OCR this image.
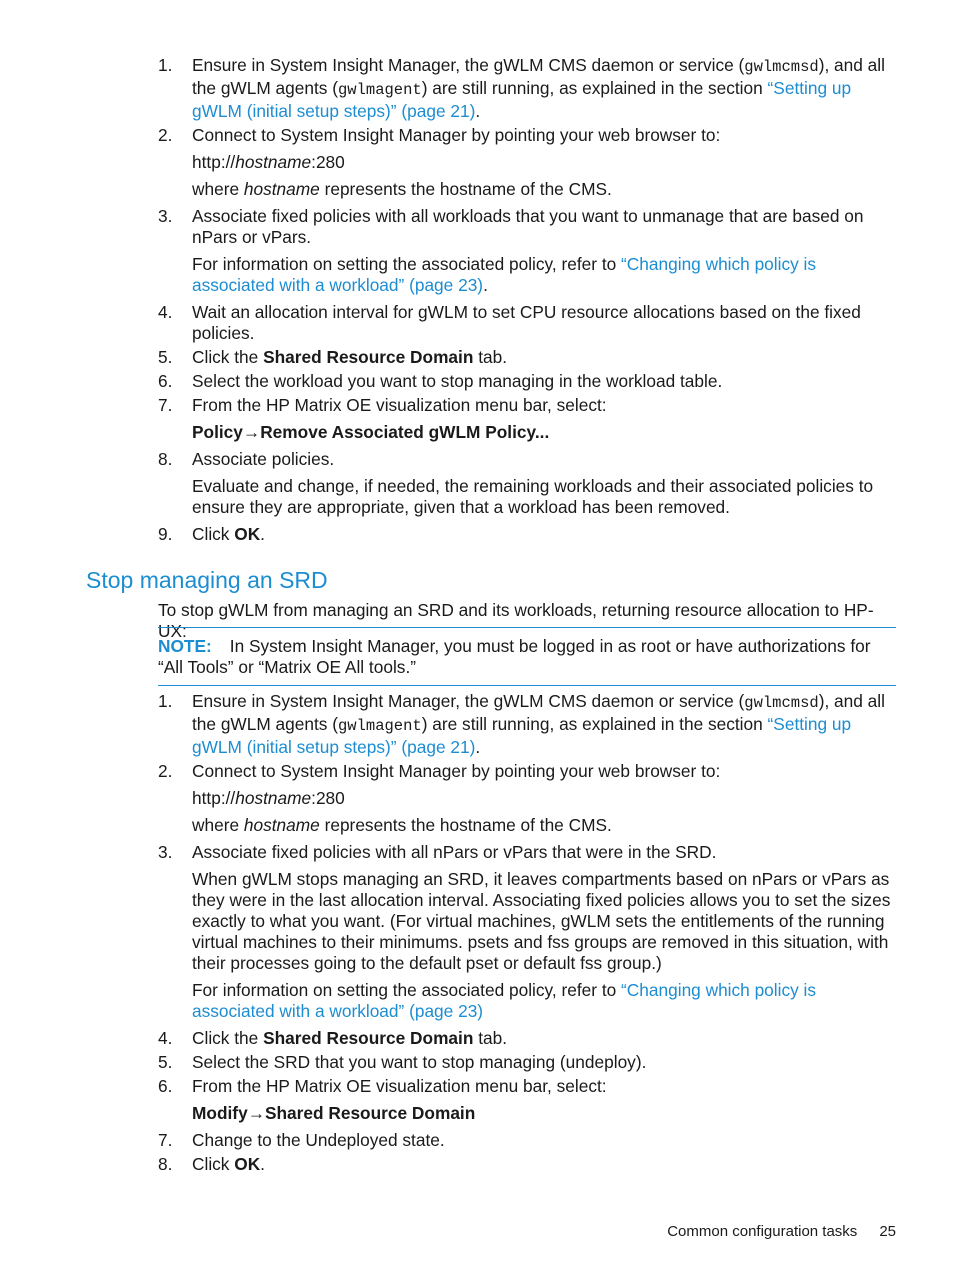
1.	Ensure in System Insight Manager, the gWLM CMS daemon or service (gwlmcmsd), and all the gWLM agents (gwlmagent) are still running, as explained in the section “Setting up gWLM (initial setup steps)” (page 21).
2.	Connect to System Insight Manager by pointing your web browser to:
http://hostname:280
where hostname represents the hostname of the CMS.
3.	Associate fixed policies with all workloads that you want to unmanage that are based on nPars or vPars.
For information on setting the associated policy, refer to “Changing which policy is associated with a workload” (page 23).
4.	Wait an allocation interval for gWLM to set CPU resource allocations based on the fixed policies.
5.	Click the Shared Resource Domain tab.
6.	Select the workload you want to stop managing in the workload table.
7.	From the HP Matrix OE visualization menu bar, select:
Policy→Remove Associated gWLM Policy...
8.	Associate policies.
Evaluate and change, if needed, the remaining workloads and their associated policies to ensure they are appropriate, given that a workload has been removed.
9.	Click OK.
Stop managing an SRD
To stop gWLM from managing an SRD and its workloads, returning resource allocation to HP-UX:
NOTE: In System Insight Manager, you must be logged in as root or have authorizations for “All Tools” or “Matrix OE All tools.”
1.	Ensure in System Insight Manager, the gWLM CMS daemon or service (gwlmcmsd), and all the gWLM agents (gwlmagent) are still running, as explained in the section “Setting up gWLM (initial setup steps)” (page 21).
2.	Connect to System Insight Manager by pointing your web browser to:
http://hostname:280
where hostname represents the hostname of the CMS.
3.	Associate fixed policies with all nPars or vPars that were in the SRD.
When gWLM stops managing an SRD, it leaves compartments based on nPars or vPars as they were in the last allocation interval. Associating fixed policies allows you to set the sizes exactly to what you want. (For virtual machines, gWLM sets the entitlements of the running virtual machines to their minimums. psets and fss groups are removed in this situation, with their processes going to the default pset or default fss group.)
For information on setting the associated policy, refer to “Changing which policy is associated with a workload” (page 23)
4.	Click the Shared Resource Domain tab.
5.	Select the SRD that you want to stop managing (undeploy).
6.	From the HP Matrix OE visualization menu bar, select:
Modify→Shared Resource Domain
7.	Change to the Undeployed state.
8.	Click OK.
Common configuration tasks 25
